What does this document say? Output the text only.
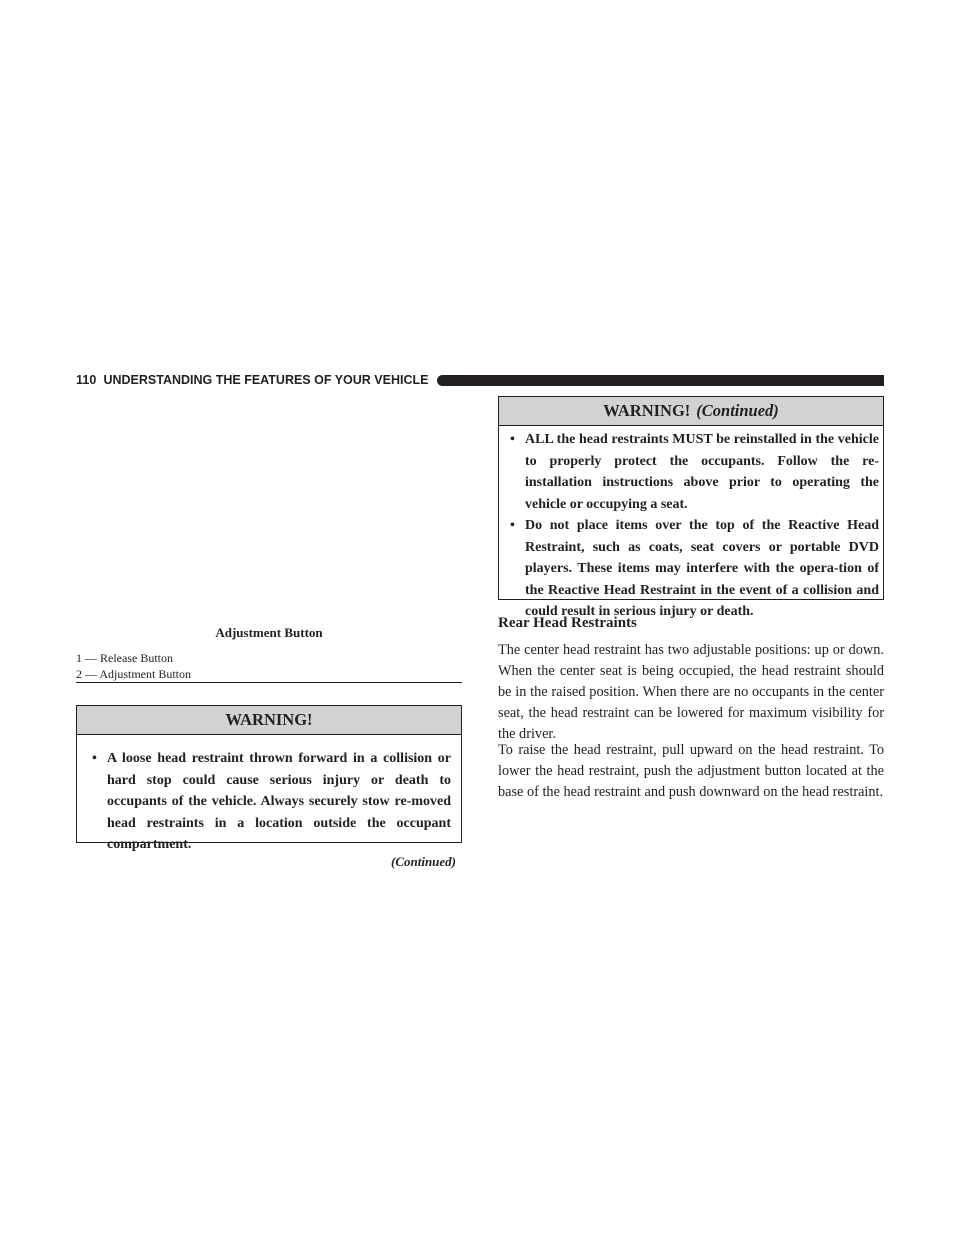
110 UNDERSTANDING THE FEATURES OF YOUR VEHICLE
Adjustment Button
1 — Release Button
2 — Adjustment Button
WARNING!
• A loose head restraint thrown forward in a collision or hard stop could cause serious injury or death to occupants of the vehicle. Always securely stow re-moved head restraints in a location outside the occupant compartment.
(Continued)
WARNING! (Continued)
• ALL the head restraints MUST be reinstalled in the vehicle to properly protect the occupants. Follow the re-installation instructions above prior to operating the vehicle or occupying a seat.
• Do not place items over the top of the Reactive Head Restraint, such as coats, seat covers or portable DVD players. These items may interfere with the opera-tion of the Reactive Head Restraint in the event of a collision and could result in serious injury or death.
Rear Head Restraints

The center head restraint has two adjustable positions: up or down. When the center seat is being occupied, the head restraint should be in the raised position. When there are no occupants in the center seat, the head restraint can be lowered for maximum visibility for the driver.

To raise the head restraint, pull upward on the head restraint. To lower the head restraint, push the adjustment button located at the base of the head restraint and push downward on the head restraint.
